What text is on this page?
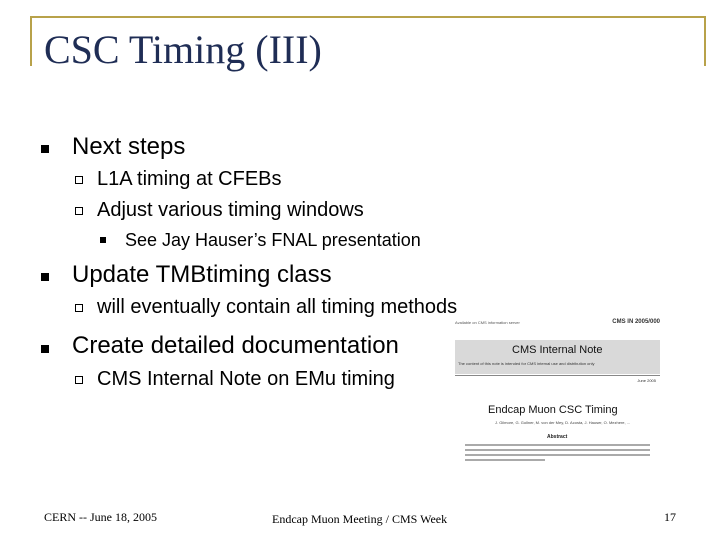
CSC Timing (III)
Next steps
L1A timing at CFEBs
Adjust various timing windows
See Jay Hauser’s FNAL presentation
Update TMBtiming class
will eventually contain all timing methods
Available on CMS information server	CMS IN 2005/000
CMS Internal Note
The content of this note is intended for CMS internal use and distribution only
June 2005
Endcap Muon CSC Timing
J. Gilmore, G. Gollner, M. von der Mey, D. Acosta, J. Hauser, O. Mezhere, ...
Abstract
Create detailed documentation
CMS Internal Note on EMu timing
CERN -- June 18, 2005	Endcap Muon Meeting / CMS Week	17
